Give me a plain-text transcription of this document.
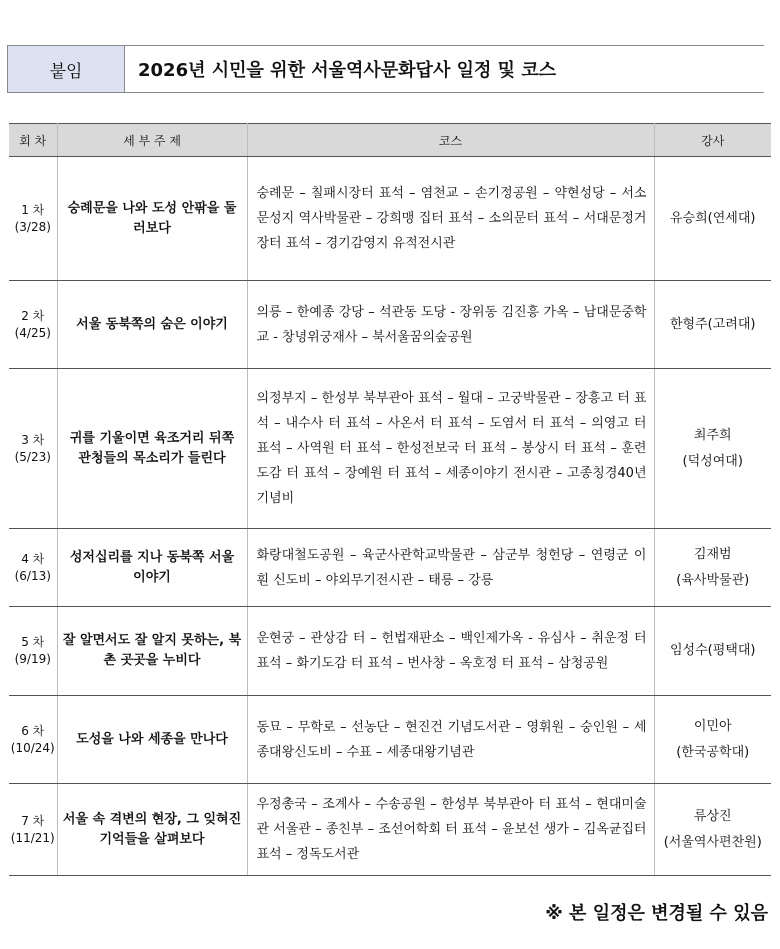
붙임	2026년 시민을 위한 서울역사문화답사 일정 및 코스
회 차	세 부 주 제	코스	강사

1 차
(3/28)	숭례문을 나와 도성 안팎을 둘러보다	숭례문 – 칠패시장터 표석 – 염천교 – 손기정공원 – 약현성당 – 서소문성지 역사박물관 – 강희맹 집터 표석 – 소의문터 표석 – 서대문정거장터 표석 – 경기감영지 유적전시관	유승희(연세대)

2 차
(4/25)	서울 동북쪽의 숨은 이야기	의릉 – 한예종 강당 – 석관동 도당 - 장위동 김진흥 가옥 – 남대문중학교 - 창녕위궁재사 – 북서울꿈의숲공원	한형주(고려대)

3 차
(5/23)	귀를 기울이면 육조거리 뒤쪽 관청들의 목소리가 들린다	의정부지 – 한성부 북부관아 표석 – 월대 – 고궁박물관 – 장흥고 터 표석 – 내수사 터 표석 – 사온서 터 표석 – 도염서 터 표석 – 의영고 터 표석 – 사역원 터 표석 – 한성전보국 터 표석 – 봉상시 터 표석 – 훈련도감 터 표석 – 장예원 터 표석 – 세종이야기 전시관 – 고종칭경40년기념비	최주희
(덕성여대)

4 차
(6/13)	성저십리를 지나 동북쪽 서울 이야기	화랑대철도공원 – 육군사관학교박물관 – 삼군부 청헌당 – 연령군 이훤 신도비 – 야외무기전시관 – 태릉 – 강릉	김재범
(육사박물관)

5 차
(9/19)	잘 알면서도 잘 알지 못하는, 북촌 곳곳을 누비다	운현궁 – 관상감 터 – 헌법재판소 – 백인제가옥 - 유심사 – 취운정 터 표석 – 화기도감 터 표석 – 번사창 – 옥호정 터 표석 – 삼청공원	임성수(평택대)

6 차
(10/24)	도성을 나와 세종을 만나다	동묘 – 무학로 – 선농단 – 현진건 기념도서관 – 영휘원 – 숭인원 – 세종대왕신도비 – 수표 – 세종대왕기념관	이민아
(한국공학대)

7 차
(11/21)	서울 속 격변의 현장, 그 잊혀진 기억들을 살펴보다	우정총국 – 조계사 – 수송공원 – 한성부 북부관아 터 표석 – 현대미술관 서울관 – 종친부 – 조선어학회 터 표석 – 윤보선 생가 – 김옥균집터 표석 – 정독도서관	류상진
(서울역사편찬원)
※ 본 일정은 변경될 수 있음
